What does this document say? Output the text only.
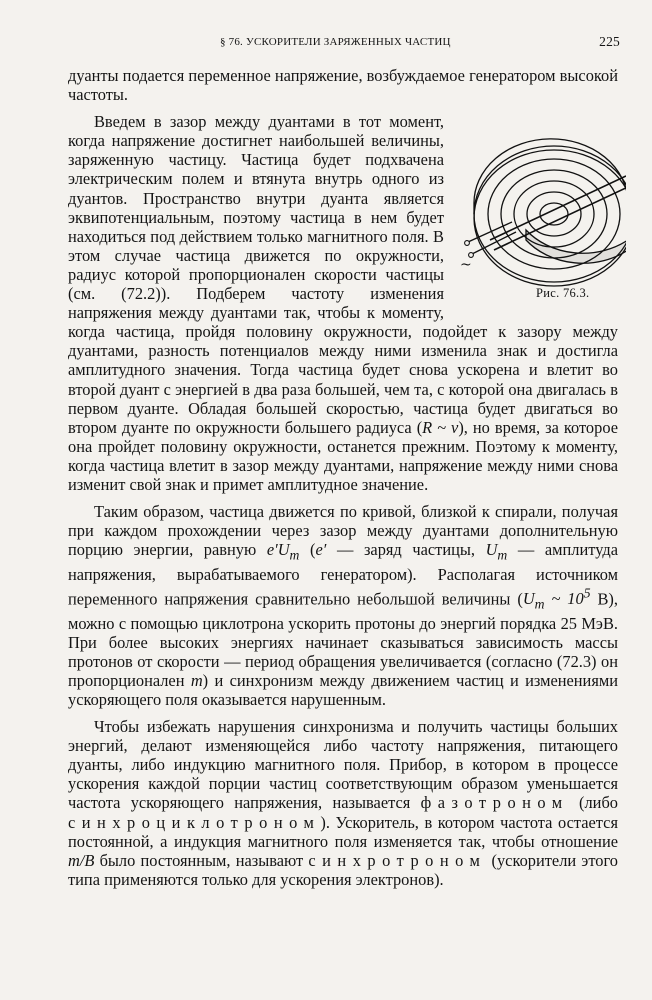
§ 76. УСКОРИТЕЛИ ЗАРЯЖЕННЫХ ЧАСТИЦ	225

дуанты подается переменное напряжение, возбуждаемое генератором высокой частоты.

~
Рис. 76.3.
Введем в зазор между дуантами в тот момент, когда напряжение достигнет наибольшей величины, заряженную частицу. Частица будет подхвачена электрическим полем и втянута внутрь одного из дуантов. Пространство внутри дуанта является эквипотенциальным, поэтому частица в нем будет находиться под действием только магнитного поля. В этом случае частица движется по окружности, радиус которой пропорционален скорости частицы (см. (72.2)). Подберем частоту изменения напряжения между дуантами так, чтобы к моменту, когда частица, пройдя половину окружности, подойдет к зазору между дуантами, разность потенциалов между ними изменила знак и достигла амплитудного значения. Тогда частица будет снова ускорена и влетит во второй дуант с энергией в два раза большей, чем та, с которой она двигалась в первом дуанте. Обладая большей скоростью, частица будет двигаться во втором дуанте по окружности большего радиуса (R ~ v), но время, за которое она пройдет половину окружности, останется прежним. Поэтому к моменту, когда частица влетит в зазор между дуантами, напряжение между ними снова изменит свой знак и примет амплитудное значение.

Таким образом, частица движется по кривой, близкой к спирали, получая при каждом прохождении через зазор между дуантами дополнительную порцию энергии, равную $e'U_m$ (e′ — заряд частицы, $U_m$ — амплитуда напряжения, вырабатываемого генератором). Располагая источником переменного напряжения сравнительно небольшой величины ($U_m$ ~ $10^5$ В), можно с помощью циклотрона ускорить протоны до энергий порядка 25 МэВ. При более высоких энергиях начинает сказываться зависимость массы протонов от скорости — период обращения увеличивается (согласно (72.3) он пропорционален m) и синхронизм между движением частиц и изменениями ускоряющего поля оказывается нарушенным.

Чтобы избежать нарушения синхронизма и получить частицы больших энергий, делают изменяющейся либо частоту напряжения, питающего дуанты, либо индукцию магнитного поля. Прибор, в котором в процессе ускорения каждой порции частиц соответствующим образом уменьшается частота ускоряющего напряжения, называется фазотроном (либо синхроциклотроном). Ускоритель, в котором частота остается постоянной, а индукция магнитного поля изменяется так, чтобы отношение m/B было постоянным, называют синхротроном (ускорители этого типа применяются только для ускорения электронов).
